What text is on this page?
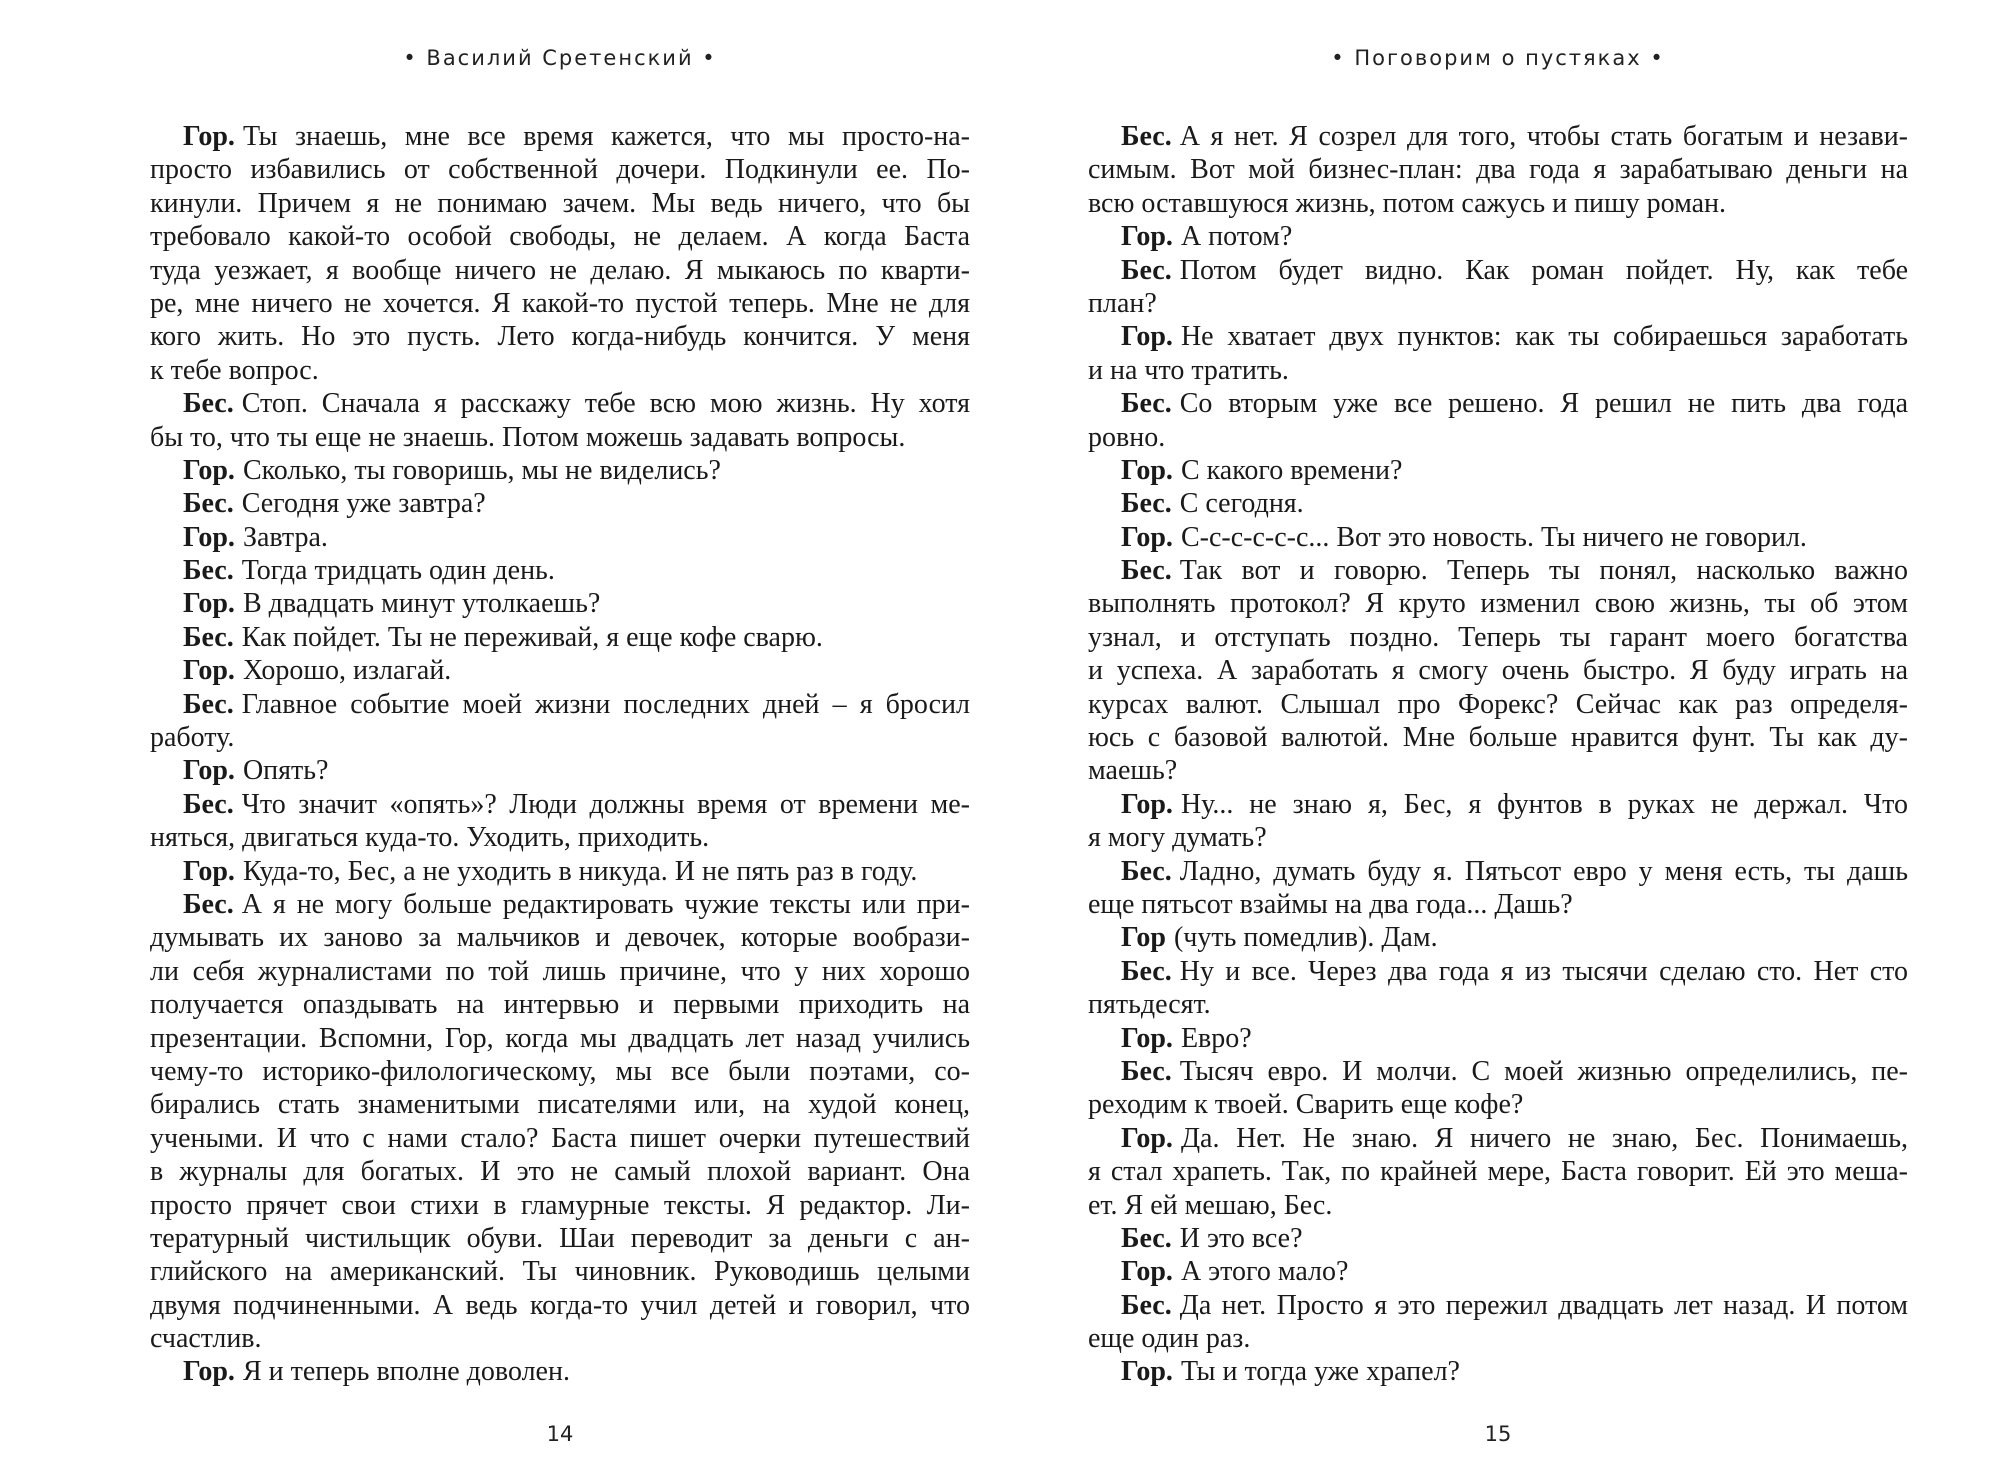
• Василий Сретенский •
Гор. Ты знаешь, мне все время кажется, что мы просто-на-
просто избавились от собственной дочери. Подкинули ее. По-
кинули. Причем я не понимаю зачем. Мы ведь ничего, что бы
требовало какой-то особой свободы, не делаем. А когда Баста
туда уезжает, я вообще ничего не делаю. Я мыкаюсь по кварти-
ре, мне ничего не хочется. Я какой-то пустой теперь. Мне не для
кого жить. Но это пусть. Лето когда-нибудь кончится. У меня
к тебе вопрос.
Бес. Стоп. Сначала я расскажу тебе всю мою жизнь. Ну хотя
бы то, что ты еще не знаешь. Потом можешь задавать вопросы.
Гор. Сколько, ты говоришь, мы не виделись?
Бес. Сегодня уже завтра?
Гор. Завтра.
Бес. Тогда тридцать один день.
Гор. В двадцать минут утолкаешь?
Бес. Как пойдет. Ты не переживай, я еще кофе сварю.
Гор. Хорошо, излагай.
Бес. Главное событие моей жизни последних дней – я бросил
работу.
Гор. Опять?
Бес. Что значит «опять»? Люди должны время от времени ме-
няться, двигаться куда-то. Уходить, приходить.
Гор. Куда-то, Бес, а не уходить в никуда. И не пять раз в году.
Бес. А я не могу больше редактировать чужие тексты или при-
думывать их заново за мальчиков и девочек, которые вообрази-
ли себя журналистами по той лишь причине, что у них хорошо
получается опаздывать на интервью и первыми приходить на
презентации. Вспомни, Гор, когда мы двадцать лет назад учились
чему-то историко-филологическому, мы все были поэтами, со-
бирались стать знаменитыми писателями или, на худой конец,
учеными. И что с нами стало? Баста пишет очерки путешествий
в журналы для богатых. И это не самый плохой вариант. Она
просто прячет свои стихи в гламурные тексты. Я редактор. Ли-
тературный чистильщик обуви. Шаи переводит за деньги с ан-
глийского на американский. Ты чиновник. Руководишь целыми
двумя подчиненными. А ведь когда-то учил детей и говорил, что
счастлив.
Гор. Я и теперь вполне доволен.
14
• Поговорим о пустяках •
Бес. А я нет. Я созрел для того, чтобы стать богатым и незави-
симым. Вот мой бизнес-план: два года я зарабатываю деньги на
всю оставшуюся жизнь, потом сажусь и пишу роман.
Гор. А потом?
Бес. Потом будет видно. Как роман пойдет. Ну, как тебе
план?
Гор. Не хватает двух пунктов: как ты собираешься заработать
и на что тратить.
Бес. Со вторым уже все решено. Я решил не пить два года
ровно.
Гор. С какого времени?
Бес. С сегодня.
Гор. С-с-с-с-с-с... Вот это новость. Ты ничего не говорил.
Бес. Так вот и говорю. Теперь ты понял, насколько важно
выполнять протокол? Я круто изменил свою жизнь, ты об этом
узнал, и отступать поздно. Теперь ты гарант моего богатства
и успеха. А заработать я смогу очень быстро. Я буду играть на
курсах валют. Слышал про Форекс? Сейчас как раз определя-
юсь с базовой валютой. Мне больше нравится фунт. Ты как ду-
маешь?
Гор. Ну... не знаю я, Бес, я фунтов в руках не держал. Что
я могу думать?
Бес. Ладно, думать буду я. Пятьсот евро у меня есть, ты дашь
еще пятьсот взаймы на два года... Дашь?
Гор (чуть помедлив). Дам.
Бес. Ну и все. Через два года я из тысячи сделаю сто. Нет сто
пятьдесят.
Гор. Евро?
Бес. Тысяч евро. И молчи. С моей жизнью определились, пе-
реходим к твоей. Сварить еще кофе?
Гор. Да. Нет. Не знаю. Я ничего не знаю, Бес. Понимаешь,
я стал храпеть. Так, по крайней мере, Баста говорит. Ей это меша-
ет. Я ей мешаю, Бес.
Бес. И это все?
Гор. А этого мало?
Бес. Да нет. Просто я это пережил двадцать лет назад. И потом
еще один раз.
Гор. Ты и тогда уже храпел?
15
